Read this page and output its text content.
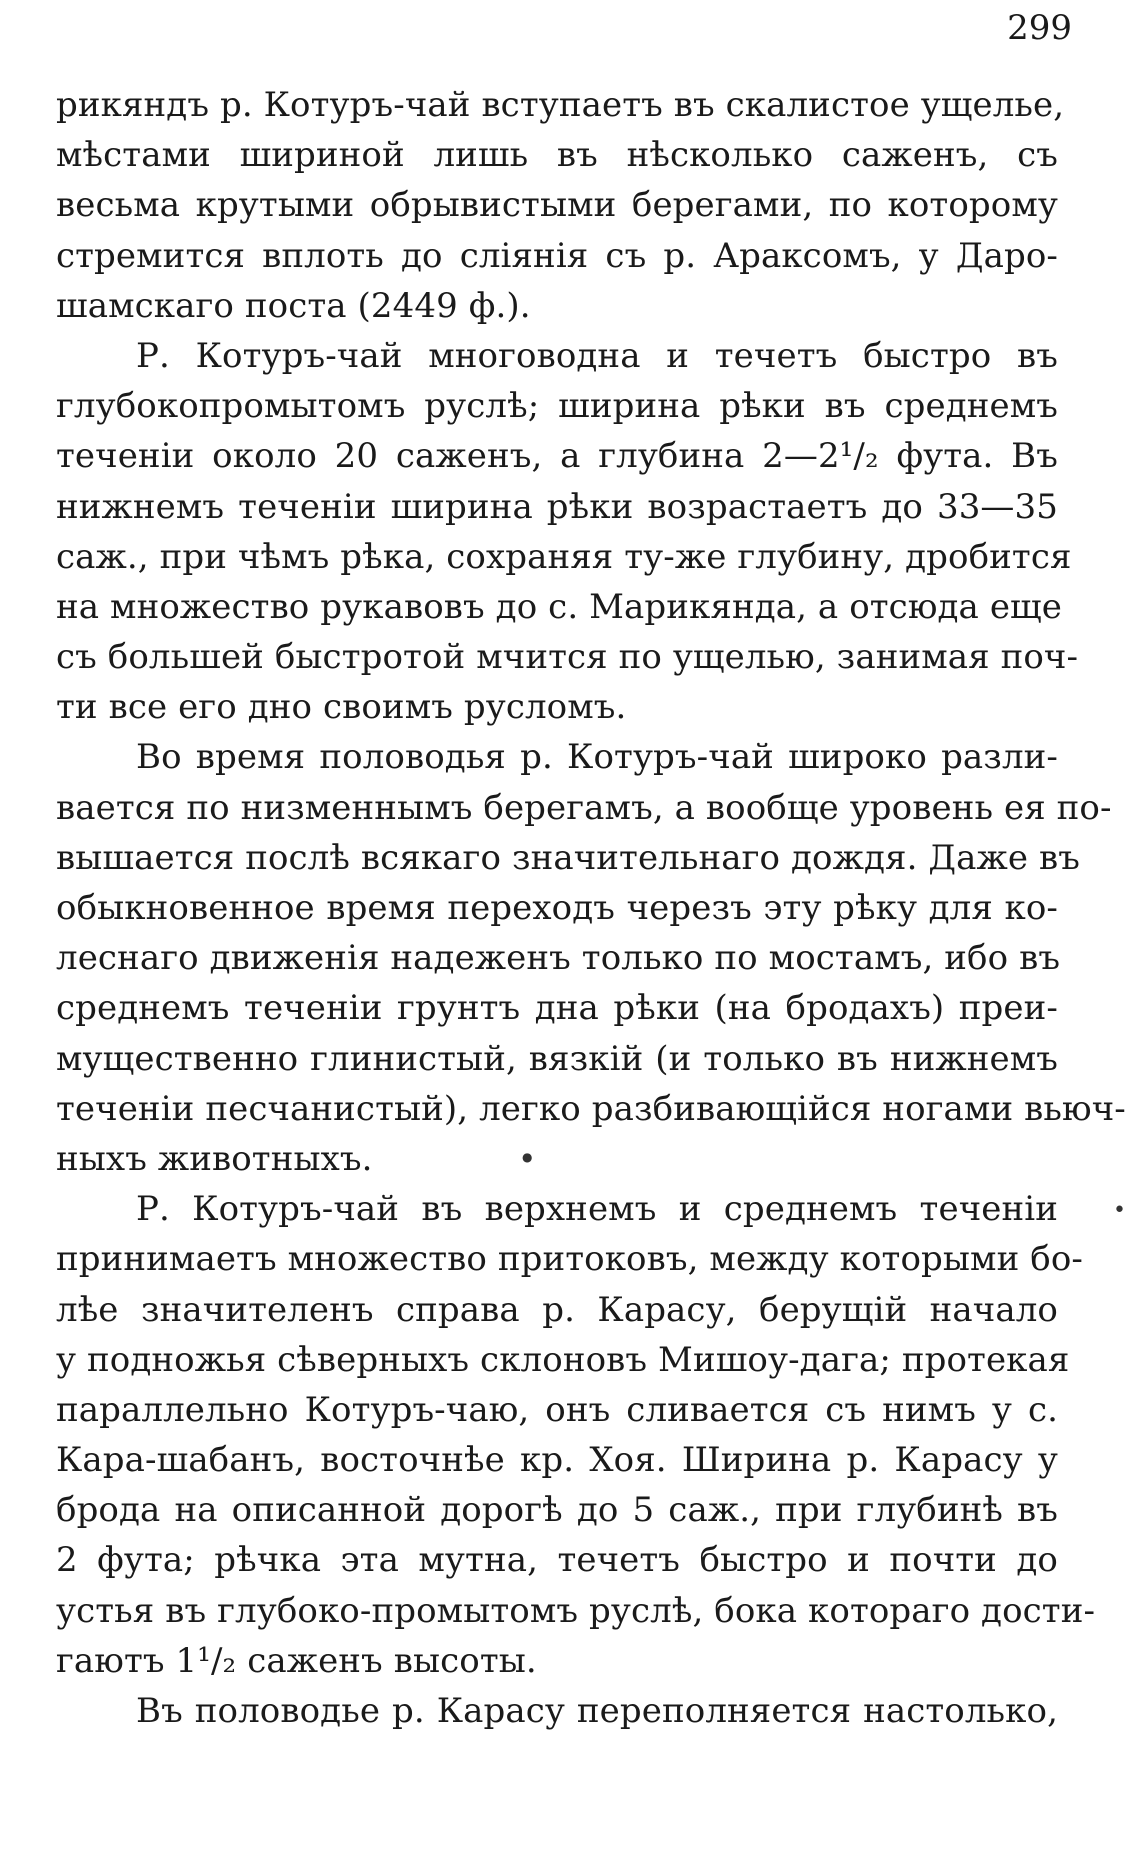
299
рикяндъ р. Котуръ-чай вступаетъ въ скалистое ущелье,
мѣстами шириной лишь въ нѣсколько саженъ, съ
весьма крутыми обрывистыми берегами, по которому
стремится вплоть до слiянiя съ р. Араксомъ, у Даро-
шамскаго поста (2449 ф.).
Р. Котуръ-чай многоводна и течетъ быстро въ
глубокопромытомъ руслѣ; ширина рѣки въ среднемъ
теченiи около 20 саженъ, а глубина 2—2¹/₂ фута. Въ
нижнемъ теченiи ширина рѣки возрастаетъ до 33—35
саж., при чѣмъ рѣка, сохраняя ту-же глубину, дробится
на множество рукавовъ до с. Марикянда, а отсюда еще
съ большей быстротой мчится по ущелью, занимая поч-
ти все его дно своимъ русломъ.
Во время половодья р. Котуръ-чай широко разли-
вается по низменнымъ берегамъ, а вообще уровень ея по-
вышается послѣ всякаго значительнаго дождя. Даже въ
обыкновенное время переходъ черезъ эту рѣку для ко-
леснаго движенiя надеженъ только по мостамъ, ибо въ
среднемъ теченiи грунтъ дна рѣки (на бродахъ) преи-
мущественно глинистый, вязкiй (и только въ нижнемъ
теченiи песчанистый), легко разбивающiйся ногами вьюч-
ныхъ животныхъ.
Р. Котуръ-чай въ верхнемъ и среднемъ теченiи
принимаетъ множество притоковъ, между которыми бо-
лѣе значителенъ справа р. Карасу, берущiй начало
у подножья сѣверныхъ склоновъ Мишоу-дага; протекая
параллельно Котуръ-чаю, онъ сливается съ нимъ у с.
Кара-шабанъ, восточнѣе кр. Хоя. Ширина р. Карасу у
брода на описанной дорогѣ до 5 саж., при глубинѣ въ
2 фута; рѣчка эта мутна, течетъ быстро и почти до
устья въ глубоко-промытомъ руслѣ, бока котораго дости-
гаютъ 1¹/₂ саженъ высоты.
Въ половодье р. Карасу переполняется настолько,
●
•
